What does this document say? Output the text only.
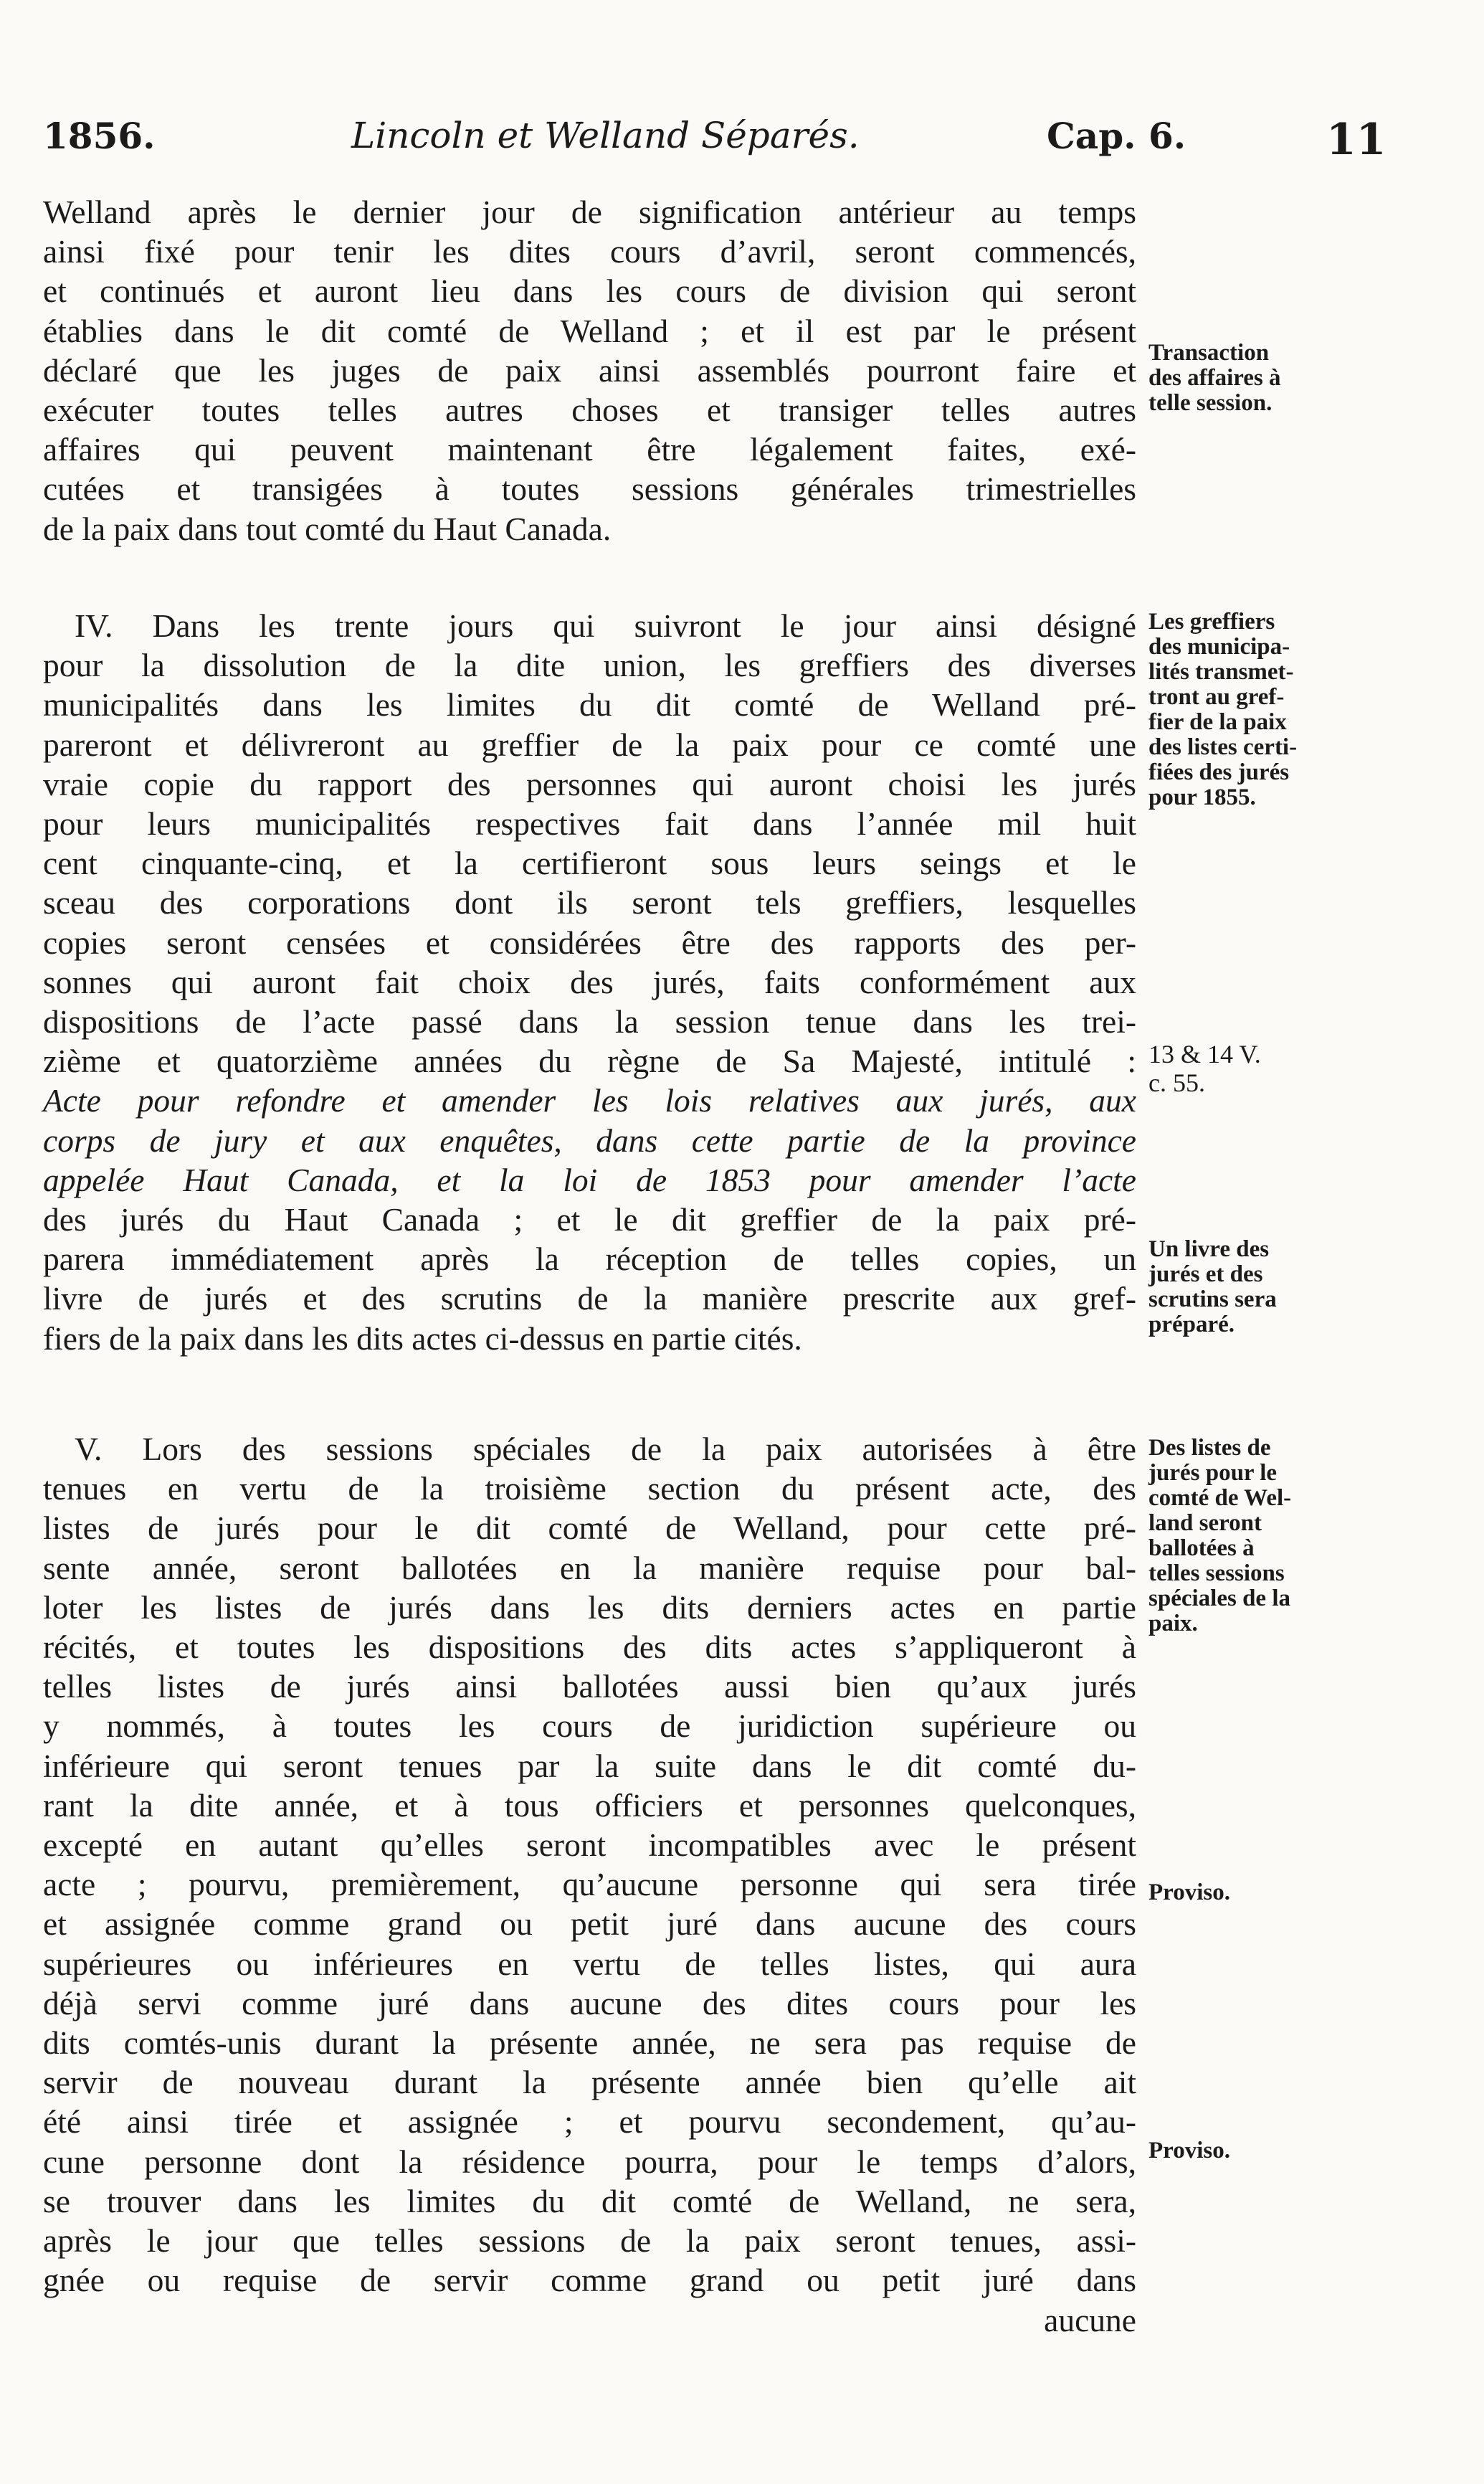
1856.	Lincoln et Welland Séparés.	Cap. 6.	11
Welland après le dernier jour de signification antérieur au temps
ainsi fixé pour tenir les dites cours d’avril, seront commencés,
et continués et auront lieu dans les cours de division qui seront
établies dans le dit comté de Welland ; et il est par le présent
déclaré que les juges de paix ainsi assemblés pourront faire et
exécuter toutes telles autres choses et transiger telles autres
affaires qui peuvent maintenant être légalement faites, exé-
cutées et transigées à toutes sessions générales trimestrielles
de la paix dans tout comté du Haut Canada.
IV. Dans les trente jours qui suivront le jour ainsi désigné
pour la dissolution de la dite union, les greffiers des diverses
municipalités dans les limites du dit comté de Welland pré-
pareront et délivreront au greffier de la paix pour ce comté une
vraie copie du rapport des personnes qui auront choisi les jurés
pour leurs municipalités respectives fait dans l’année mil huit
cent cinquante-cinq, et la certifieront sous leurs seings et le
sceau des corporations dont ils seront tels greffiers, lesquelles
copies seront censées et considérées être des rapports des per-
sonnes qui auront fait choix des jurés, faits conformément aux
dispositions de l’acte passé dans la session tenue dans les trei-
zième et quatorzième années du règne de Sa Majesté, intitulé :
Acte pour refondre et amender les lois relatives aux jurés, aux
corps de jury et aux enquêtes, dans cette partie de la province
appelée Haut Canada, et la loi de 1853 pour amender l’acte
des jurés du Haut Canada ; et le dit greffier de la paix pré-
parera immédiatement après la réception de telles copies, un
livre de jurés et des scrutins de la manière prescrite aux gref-
fiers de la paix dans les dits actes ci-dessus en partie cités.
V. Lors des sessions spéciales de la paix autorisées à être
tenues en vertu de la troisième section du présent acte, des
listes de jurés pour le dit comté de Welland, pour cette pré-
sente année, seront ballotées en la manière requise pour bal-
loter les listes de jurés dans les dits derniers actes en partie
récités, et toutes les dispositions des dits actes s’appliqueront à
telles listes de jurés ainsi ballotées aussi bien qu’aux jurés
y nommés, à toutes les cours de juridiction supérieure ou
inférieure qui seront tenues par la suite dans le dit comté du-
rant la dite année, et à tous officiers et personnes quelconques,
excepté en autant qu’elles seront incompatibles avec le présent
acte ; pourvu, premièrement, qu’aucune personne qui sera tirée
et assignée comme grand ou petit juré dans aucune des cours
supérieures ou inférieures en vertu de telles listes, qui aura
déjà servi comme juré dans aucune des dites cours pour les
dits comtés-unis durant la présente année, ne sera pas requise de
servir de nouveau durant la présente année bien qu’elle ait
été ainsi tirée et assignée ; et pourvu secondement, qu’au-
cune personne dont la résidence pourra, pour le temps d’alors,
se trouver dans les limites du dit comté de Welland, ne sera,
après le jour que telles sessions de la paix seront tenues, assi-
gnée ou requise de servir comme grand ou petit juré dans
aucune
Transaction
des affaires à
telle session.
Les greffiers
des municipa-
lités transmet-
tront au gref-
fier de la paix
des listes certi-
fiées des jurés
pour 1855.
13 & 14 V.
c. 55.
Un livre des
jurés et des
scrutins sera
préparé.
Des listes de
jurés pour le
comté de Wel-
land seront
ballotées à
telles sessions
spéciales de la
paix.
Proviso.
Proviso.
